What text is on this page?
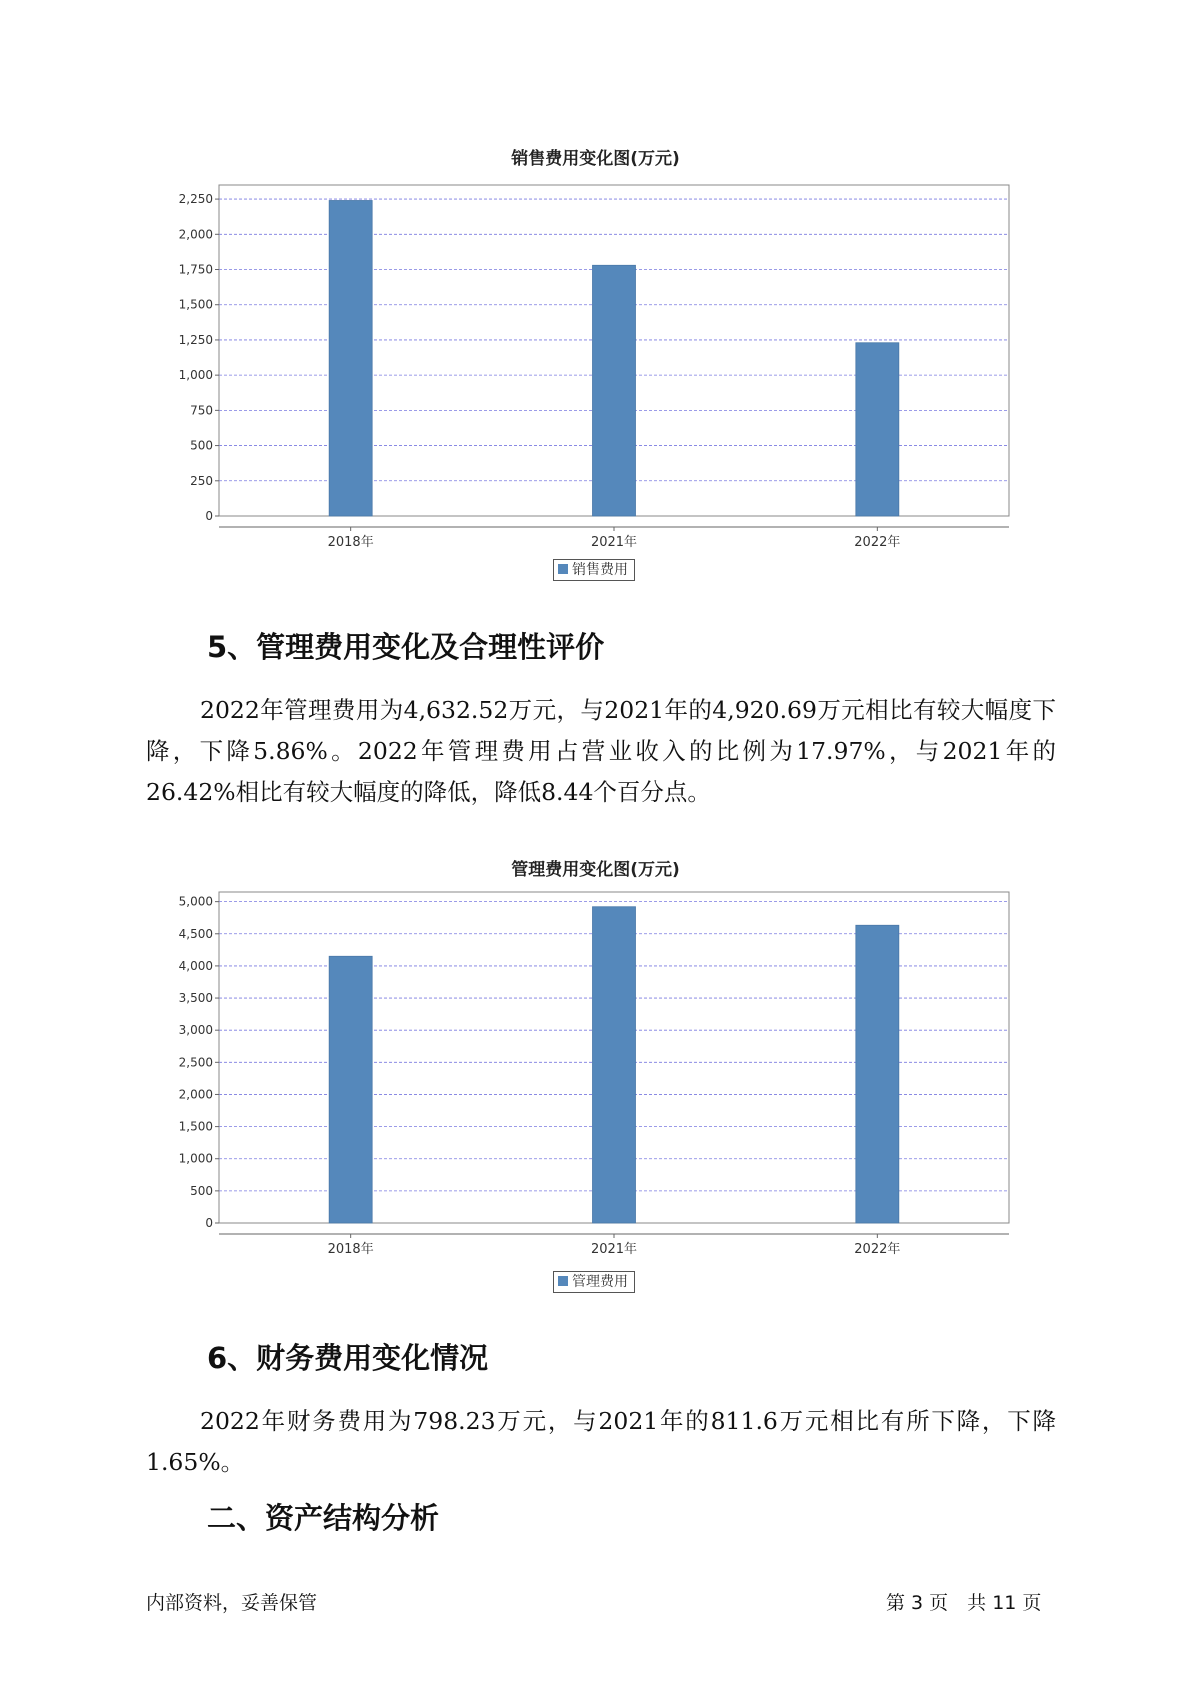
销售费用变化图(万元)
2,250
2,000
1,750
1,500
1,250
1,000
750
500
250
0
2018年	2021年	2022年
销售费用
5、管理费用变化及合理性评价

2022年管理费用为4,632.52万元，与2021年的4,920.69万元相比有较大幅度下降，下降5.86%。2022年管理费用占营业收入的比例为17.97%，与2021年的26.42%相比有较大幅度的降低，降低8.44个百分点。

管理费用变化图(万元)
5,000
4,500
4,000
3,500
3,000
2,500
2,000
1,500
1,000
500
0
2018年	2021年	2022年
管理费用
6、财务费用变化情况

2022年财务费用为798.23万元，与2021年的811.6万元相比有所下降，下降1.65%。

二、资产结构分析
内部资料，妥善保管	第 3 页　共 11 页
